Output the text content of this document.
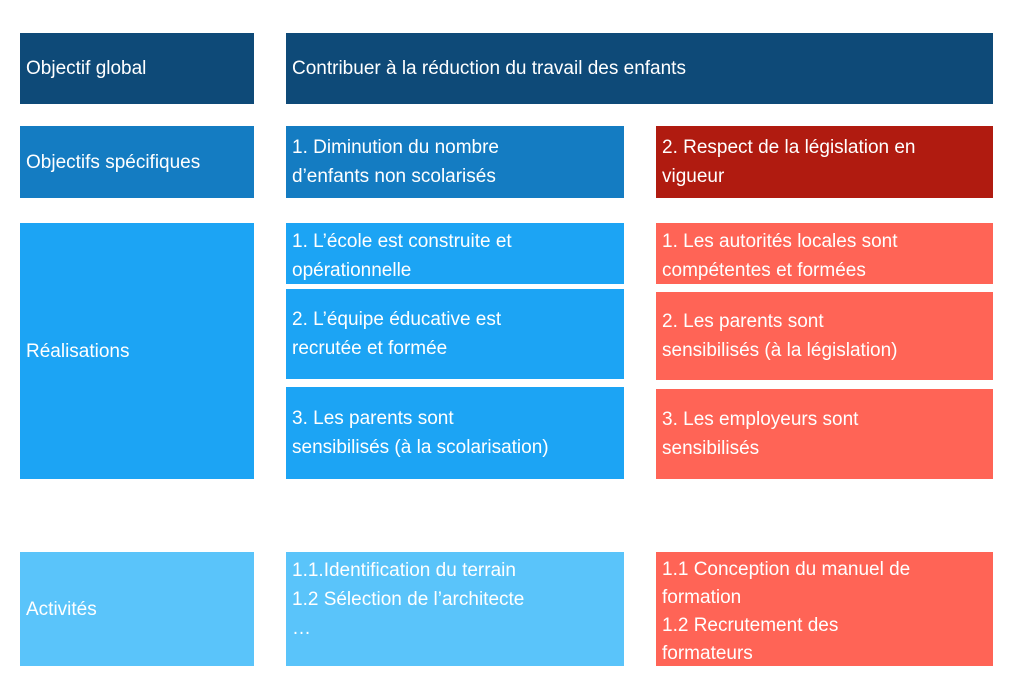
Objectif global	Contribuer à la réduction du travail des enfants
Objectifs spécifiques
1. Diminution du nombre
d’enfants non scolarisés
2. Respect de la législation en
vigueur
Réalisations
1. L’école est construite et
opérationnelle
2. L’équipe éducative est
recrutée et formée
3. Les parents sont
sensibilisés (à la scolarisation)
1. Les autorités locales sont
compétentes et formées
2. Les parents sont
sensibilisés (à la législation)
3. Les employeurs sont
sensibilisés
Activités
1.1.Identification du terrain
1.2 Sélection de l’architecte
…
1.1 Conception du manuel de
formation
1.2 Recrutement des
formateurs
